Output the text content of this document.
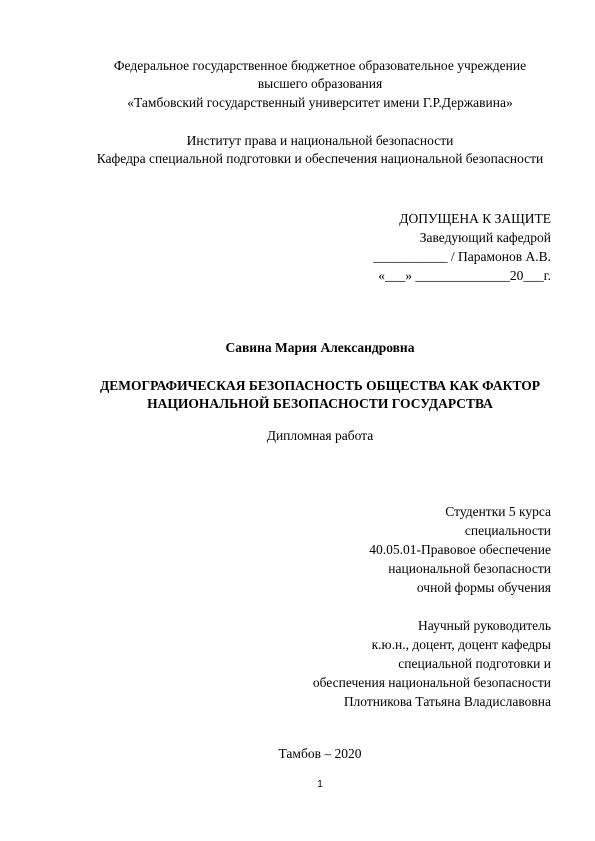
Федеральное государственное бюджетное образовательное учреждение
высшего образования
«Тамбовский государственный университет имени Г.Р.Державина»
Институт права и национальной безопасности
Кафедра специальной подготовки и обеспечения национальной безопасности
ДОПУЩЕНА К ЗАЩИТЕ
Заведующий кафедрой
___________ / Парамонов А.В.
«___» ______________20___г.
Савина Мария Александровна
ДЕМОГРАФИЧЕСКАЯ БЕЗОПАСНОСТЬ ОБЩЕСТВА КАК ФАКТОР
НАЦИОНАЛЬНОЙ БЕЗОПАСНОСТИ ГОСУДАРСТВА
Дипломная работа
Студентки 5 курса
специальности
40.05.01-Правовое обеспечение
национальной безопасности
очной формы обучения
Научный руководитель
к.ю.н., доцент, доцент кафедры
специальной подготовки и
обеспечения национальной безопасности
Плотникова Татьяна Владиславовна
Тамбов – 2020
1
